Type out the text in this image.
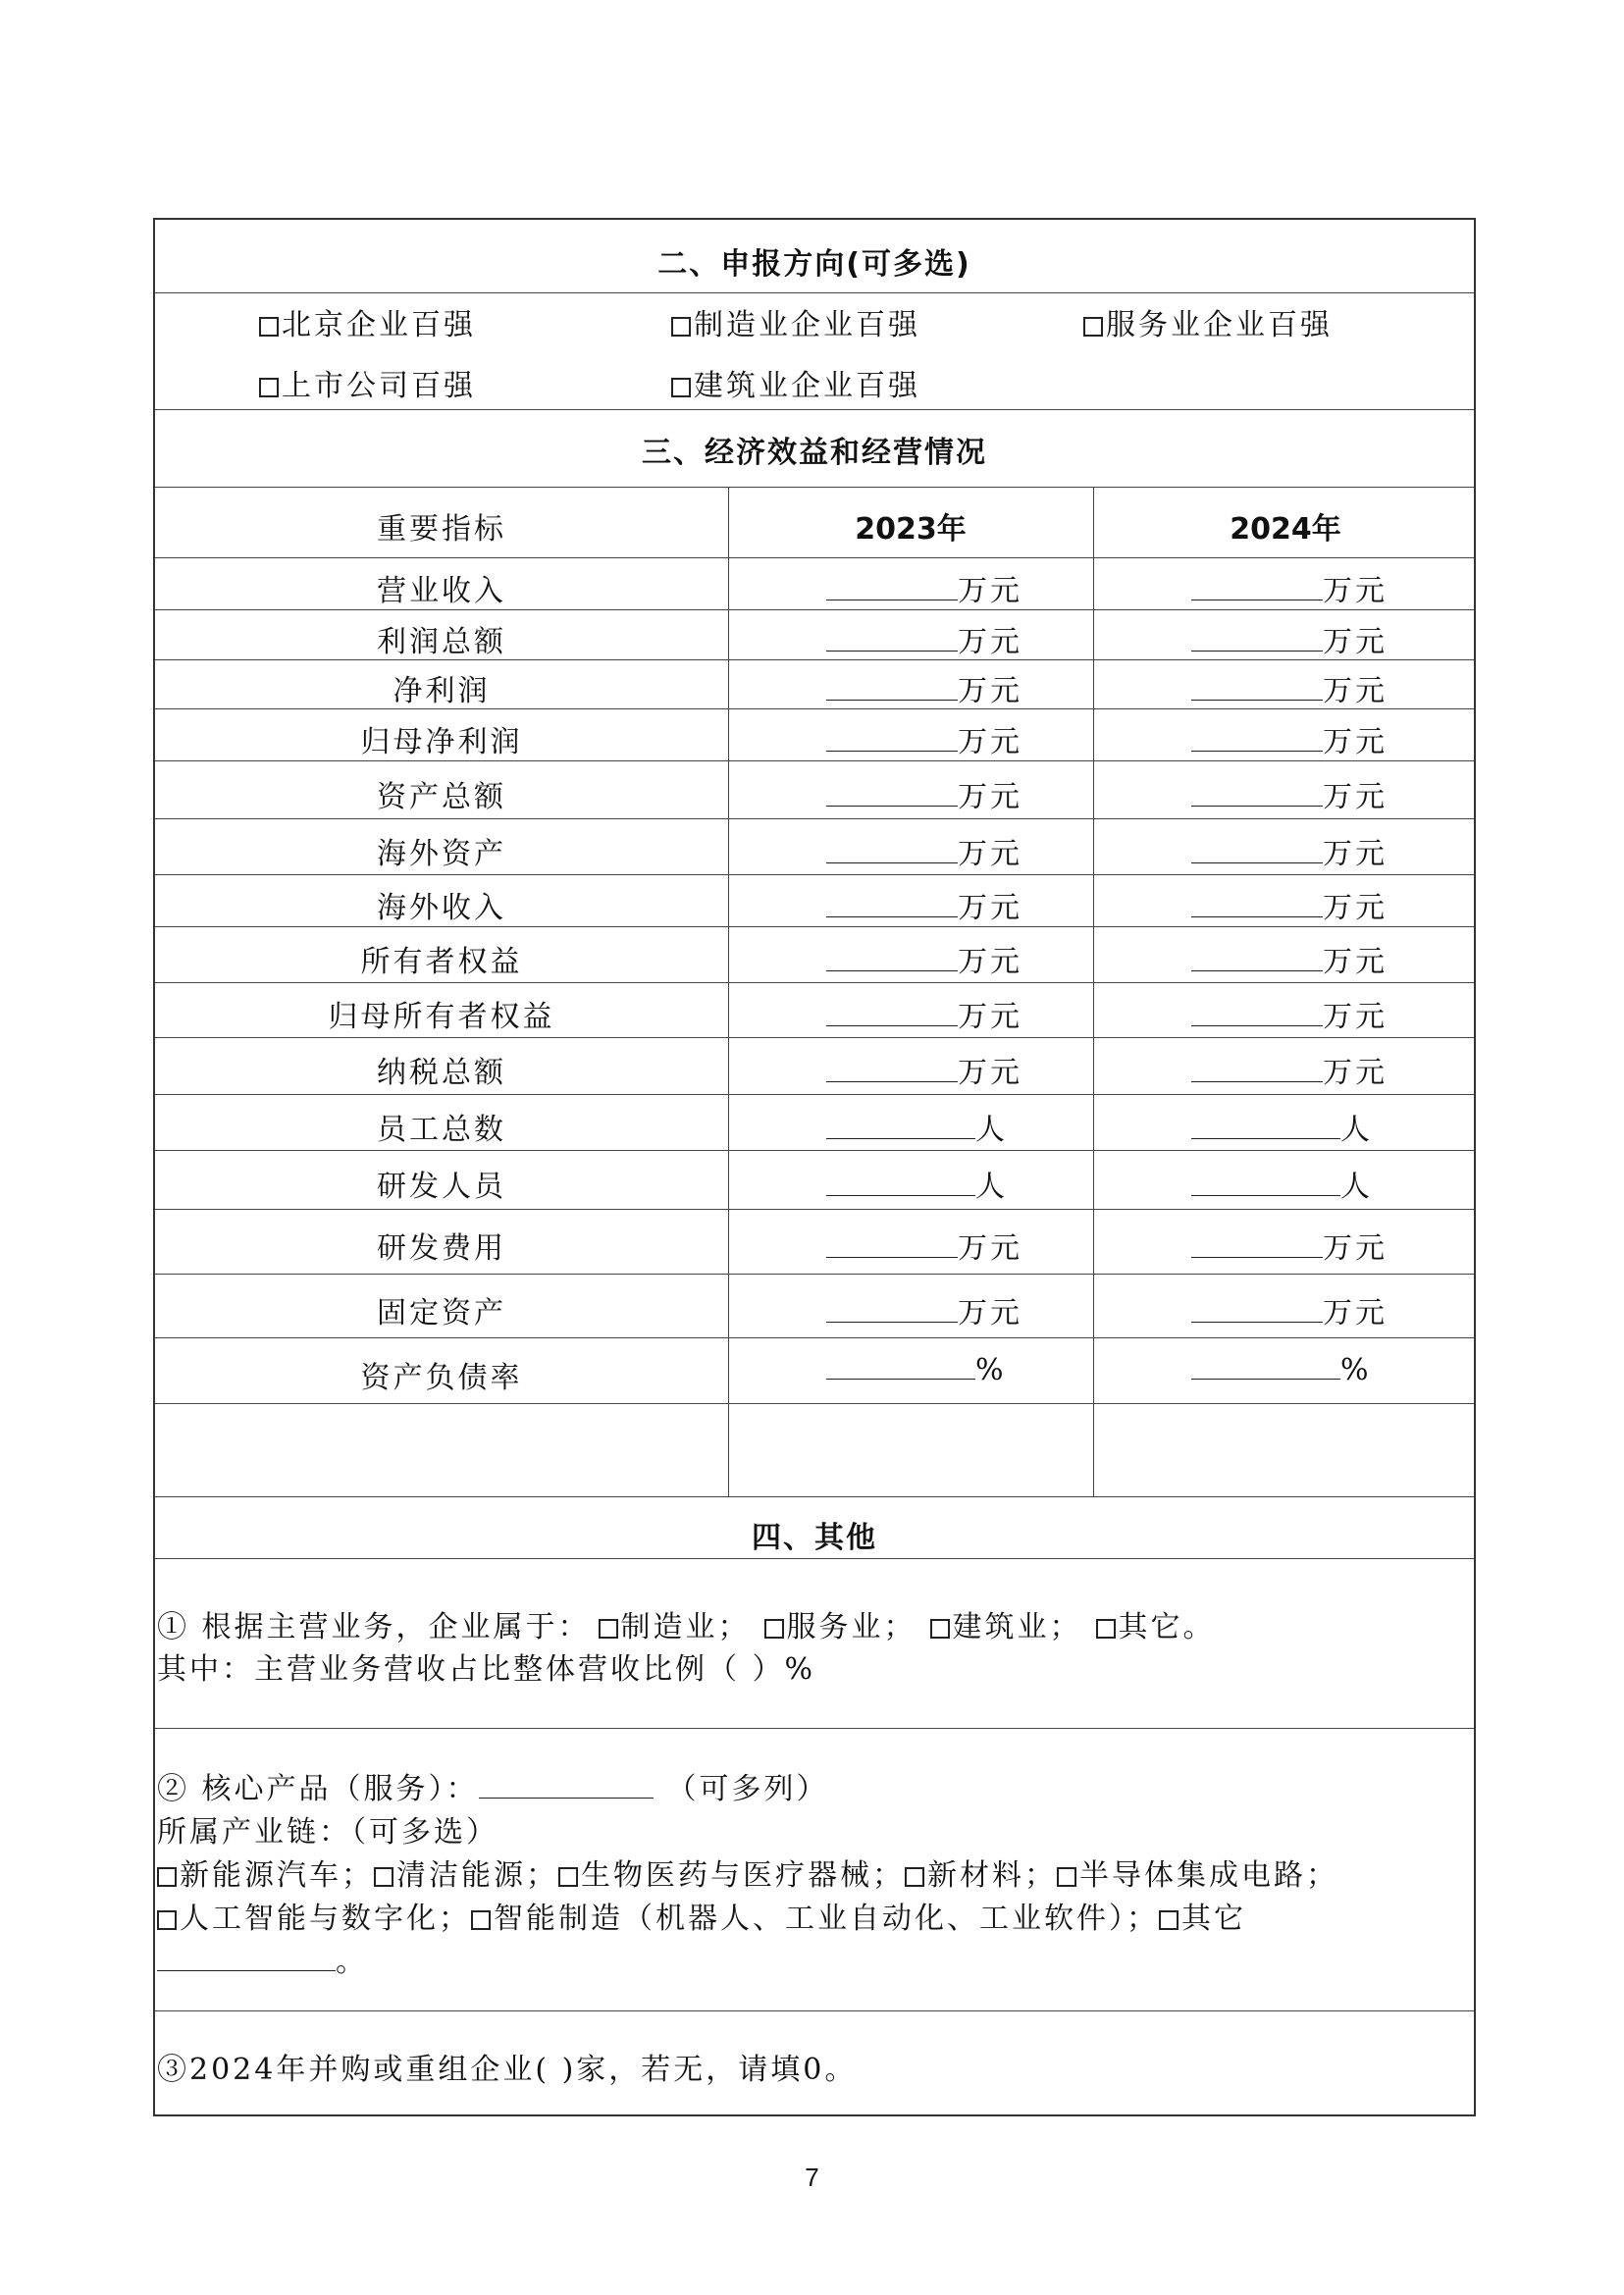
二、申报方向(可多选)
北京企业百强	制造业企业百强	服务业企业百强
上市公司百强	建筑业企业百强
三、经济效益和经营情况
重要指标	2023年	2024年
营业收入	万元	万元
利润总额	万元	万元
净利润	万元	万元
归母净利润	万元	万元
资产总额	万元	万元
海外资产	万元	万元
海外收入	万元	万元
所有者权益	万元	万元
归母所有者权益	万元	万元
纳税总额	万元	万元
员工总数	人	人
研发人员	人	人
研发费用	万元	万元
固定资产	万元	万元
资产负债率	%	%
四、其他
① 根据主营业务，企业属于： 制造业； 服务业； 建筑业； 其它。
其中：主营业务营收占比整体营收比例（ ）%
② 核心产品（服务）：	（可多列）
所属产业链：（可多选）
新能源汽车； 清洁能源； 生物医药与医疗器械； 新材料； 半导体集成电路；
人工智能与数字化； 智能制造（机器人、工业自动化、工业软件）； 其它
。
③2024年并购或重组企业( )家，若无，请填0。
7
